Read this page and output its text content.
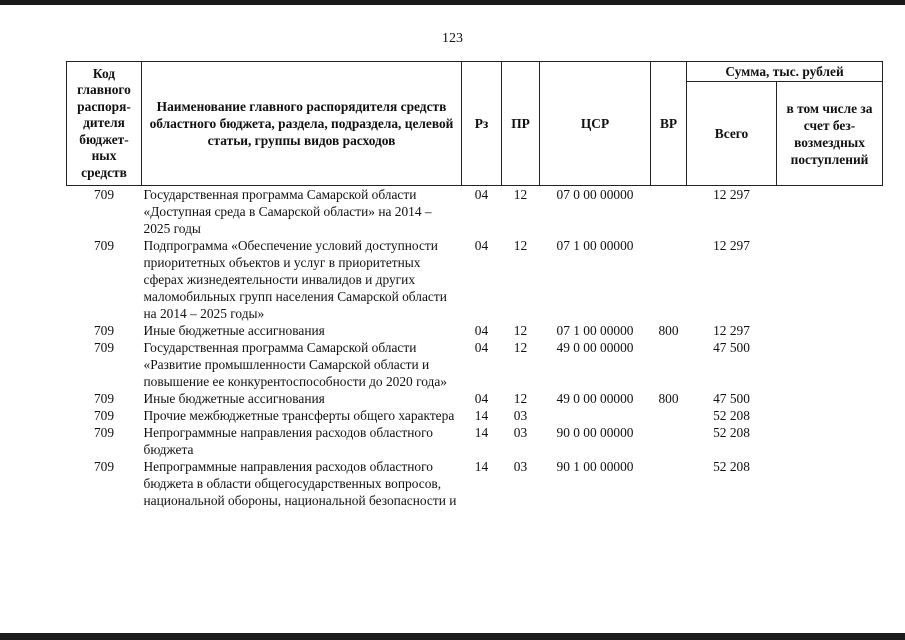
123
Код главного распоря-дителя бюджет-ных средств	Наименование главного распорядителя средств областного бюджета, раздела, подраздела, целевой статьи, группы видов расходов	Рз	ПР	ЦСР	ВР	Сумма, тыс. рублей	
						Всего	в том числе за счет без-возмездных поступлений
709	Государственная программа Самарской области «Доступная среда в Самарской области» на 2014 – 2025 годы	04	12	07 0 00 00000		12 297	
709	Подпрограмма «Обеспечение условий доступности приоритетных объектов и услуг в приоритетных сферах жизнедеятельности инвалидов и других маломобильных групп населения Самарской области на 2014 – 2025 годы»	04	12	07 1 00 00000		12 297	
709	Иные бюджетные ассигнования	04	12	07 1 00 00000	800	12 297	
709	Государственная программа Самарской области «Развитие промышленности Самарской области и повышение ее конкурентоспособности до 2020 года»	04	12	49 0 00 00000		47 500	
709	Иные бюджетные ассигнования	04	12	49 0 00 00000	800	47 500	
709	Прочие межбюджетные трансферты общего характера	14	03			52 208	
709	Непрограммные направления расходов областного бюджета	14	03	90 0 00 00000		52 208	
709	Непрограммные направления расходов областного бюджета в области общегосударственных вопросов, национальной обороны, национальной безопасности и	14	03	90 1 00 00000		52 208	
